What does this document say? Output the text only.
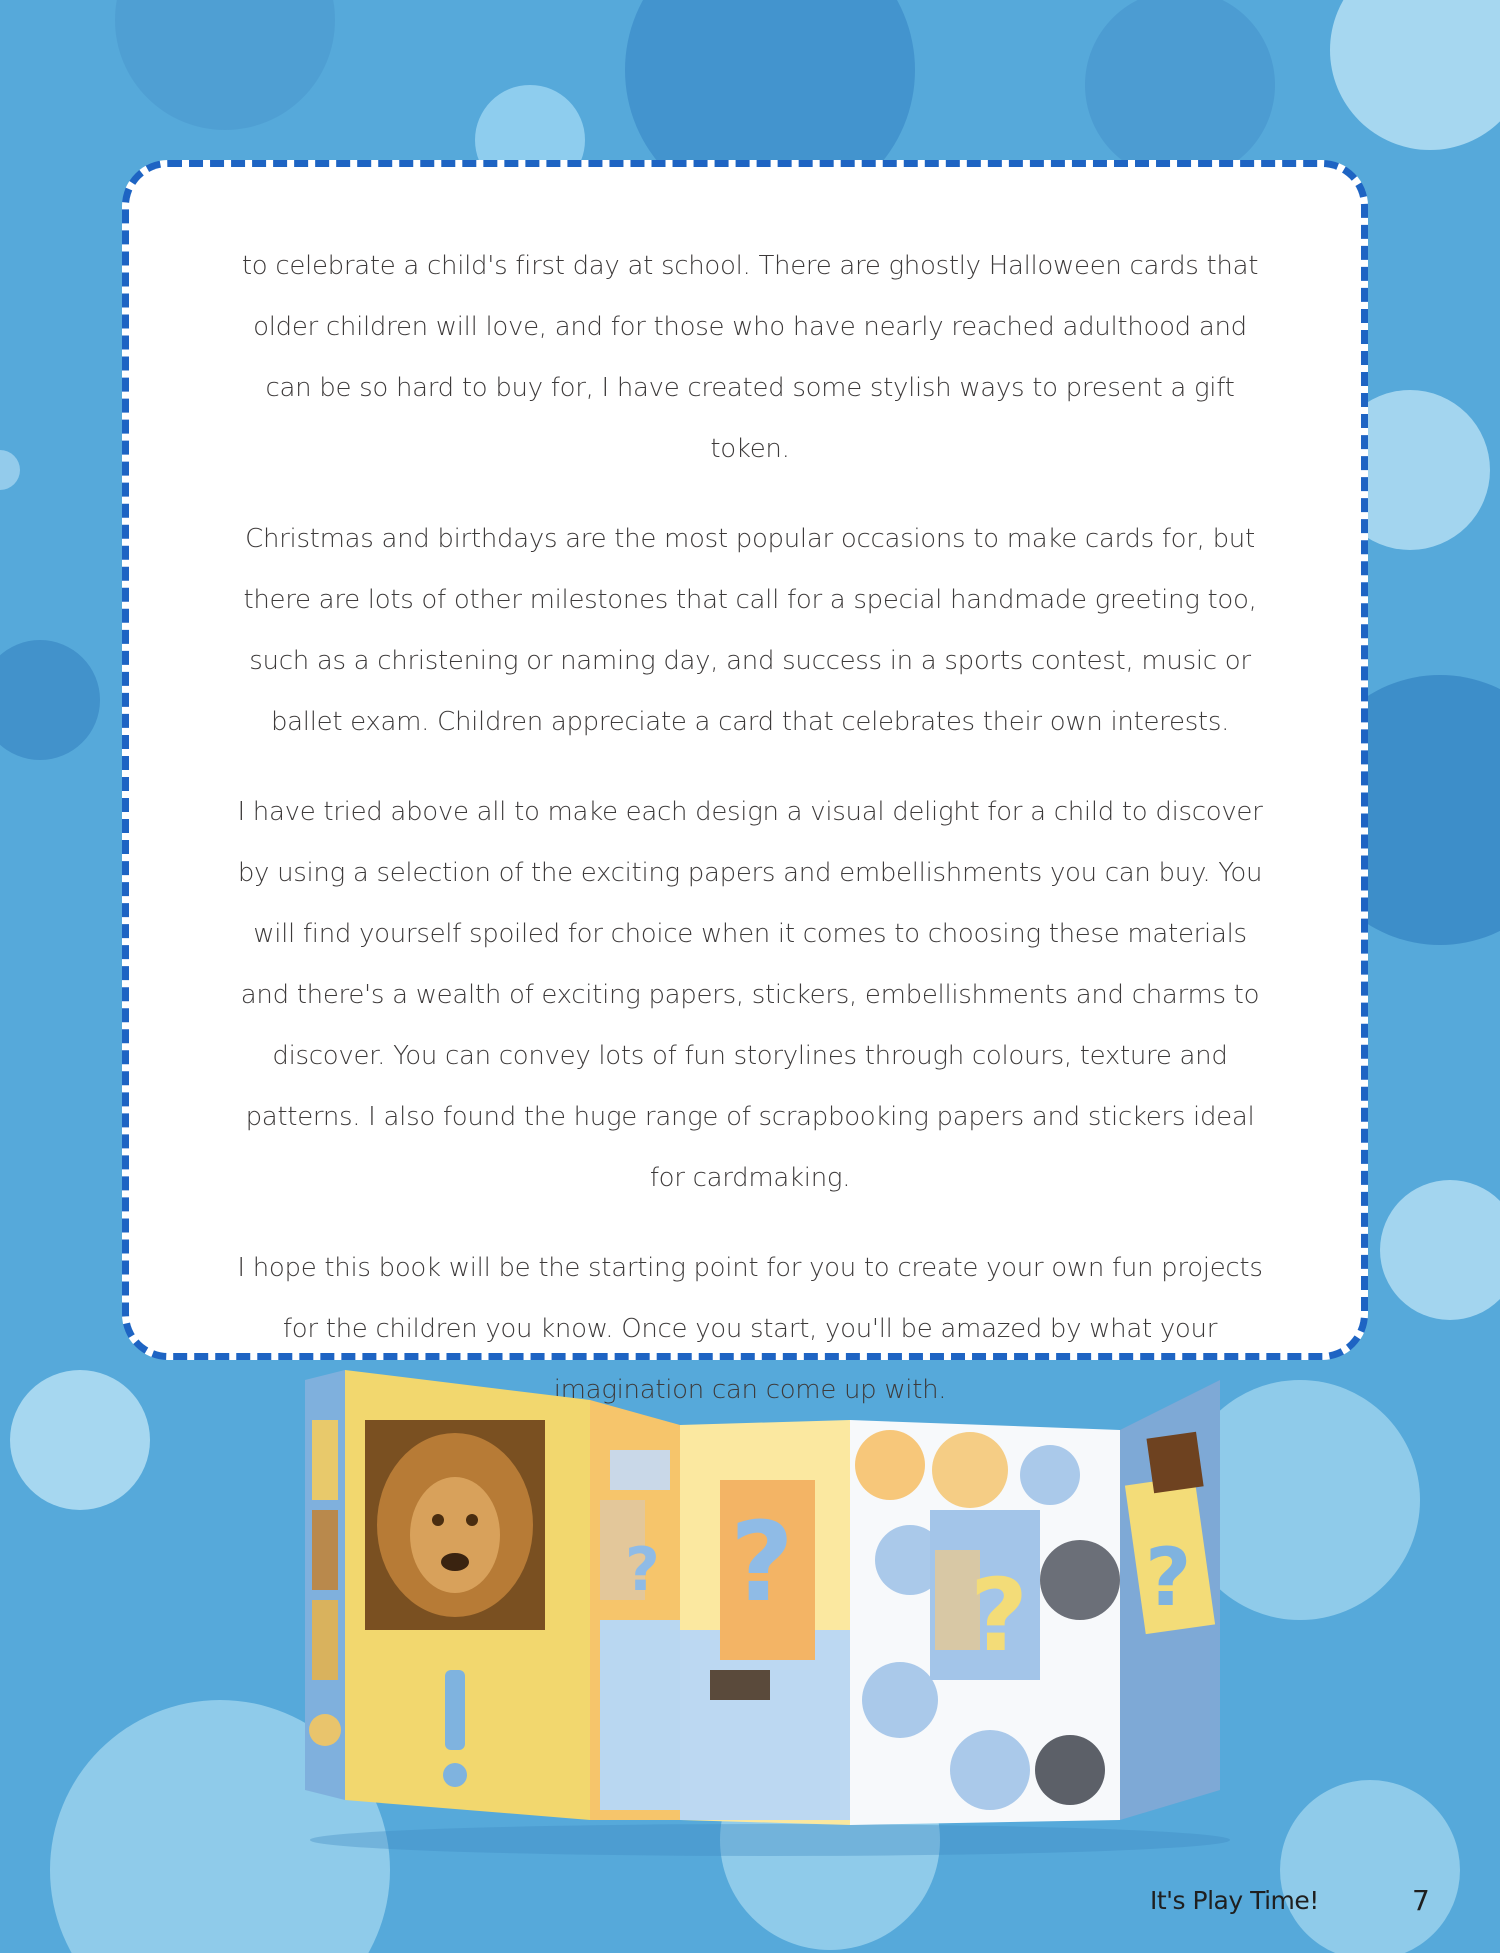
to celebrate a child's first day at school. There are ghostly Halloween cards that older children will love, and for those who have nearly reached adulthood and can be so hard to buy for, I have created some stylish ways to present a gift token.

Christmas and birthdays are the most popular occasions to make cards for, but there are lots of other milestones that call for a special handmade greeting too, such as a christening or naming day, and success in a sports contest, music or ballet exam. Children appreciate a card that celebrates their own interests.

I have tried above all to make each design a visual delight for a child to discover by using a selection of the exciting papers and embellishments you can buy. You will find yourself spoiled for choice when it comes to choosing these materials and there's a wealth of exciting papers, stickers, embellishments and charms to discover. You can convey lots of fun storylines through colours, texture and patterns. I also found the huge range of scrapbooking papers and stickers ideal for cardmaking.

I hope this book will be the starting point for you to create your own fun projects for the children you know. Once you start, you'll be amazed by what your imagination can come up with.

? ? ? ?
It's Play Time!	7
